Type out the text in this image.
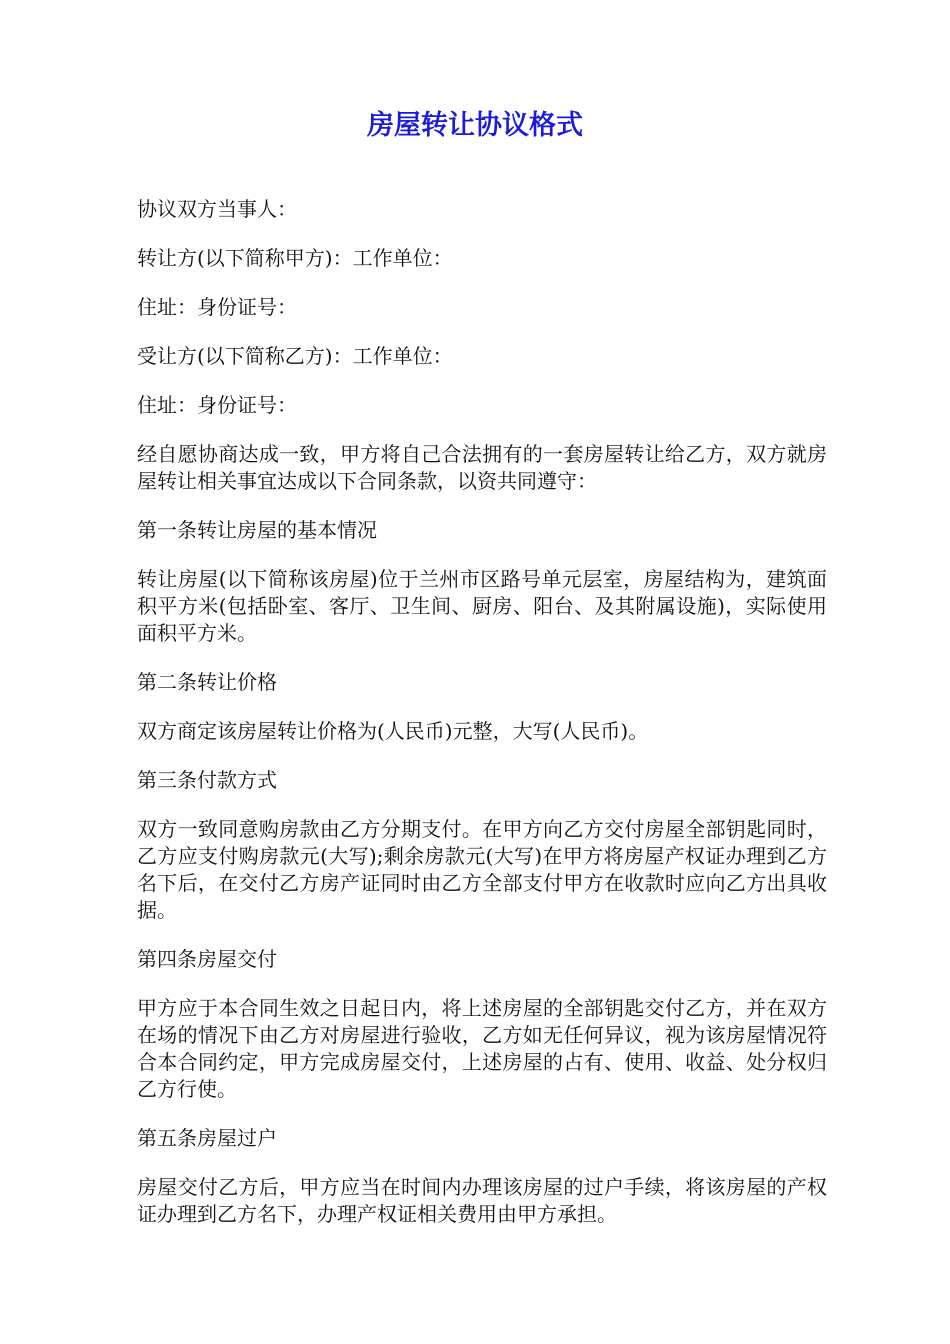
房屋转让协议格式

协议双方当事人：

转让方(以下简称甲方)：工作单位：

住址：身份证号：

受让方(以下简称乙方)：工作单位：

住址：身份证号：

经自愿协商达成一致，甲方将自己合法拥有的一套房屋转让给乙方，双方就房屋转让相关事宜达成以下合同条款，以资共同遵守：

第一条转让房屋的基本情况

转让房屋(以下简称该房屋)位于兰州市区路号单元层室，房屋结构为，建筑面积平方米(包括卧室、客厅、卫生间、厨房、阳台、及其附属设施)，实际使用面积平方米。

第二条转让价格

双方商定该房屋转让价格为(人民币)元整，大写(人民币)。

第三条付款方式

双方一致同意购房款由乙方分期支付。在甲方向乙方交付房屋全部钥匙同时，乙方应支付购房款元(大写);剩余房款元(大写)在甲方将房屋产权证办理到乙方名下后，在交付乙方房产证同时由乙方全部支付甲方在收款时应向乙方出具收据。

第四条房屋交付

甲方应于本合同生效之日起日内，将上述房屋的全部钥匙交付乙方，并在双方在场的情况下由乙方对房屋进行验收，乙方如无任何异议，视为该房屋情况符合本合同约定，甲方完成房屋交付，上述房屋的占有、使用、收益、处分权归乙方行使。

第五条房屋过户

房屋交付乙方后，甲方应当在时间内办理该房屋的过户手续，将该房屋的产权证办理到乙方名下，办理产权证相关费用由甲方承担。
